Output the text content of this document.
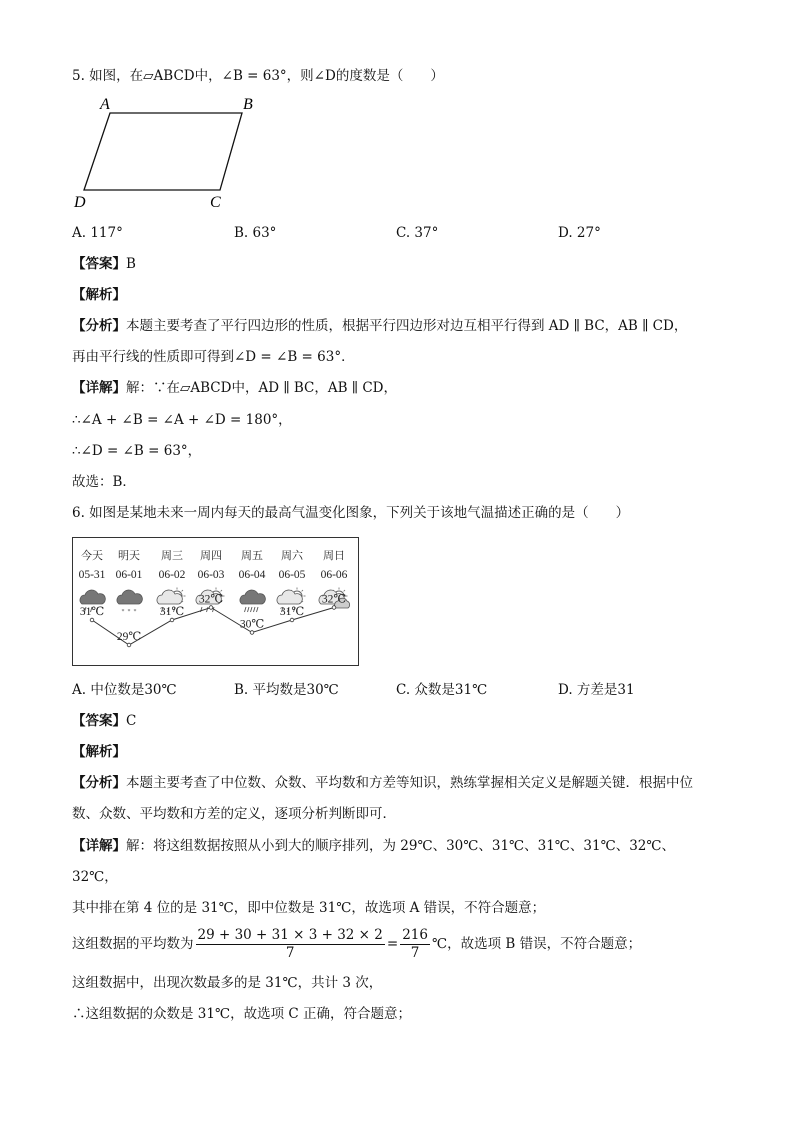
5. 如图，在▱ABCD中，∠B = 63°，则∠D的度数是（　　）
A	B
C
D
A. 117°	B. 63°	C. 37°	D. 27°
【答案】B
【解析】
【分析】本题主要考查了平行四边形的性质，根据平行四边形对边互相平行得到 AD ∥ BC，AB ∥ CD，
再由平行线的性质即可得到∠D = ∠B = 63°．
【详解】解：∵在▱ABCD中，AD ∥ BC，AB ∥ CD，
∴∠A + ∠B = ∠A + ∠D = 180°，
∴∠D = ∠B = 63°，
故选：B．
6. 如图是某地未来一周内每天的最高气温变化图象，下列关于该地气温描述正确的是（　　）
今天
05-31
明天
06-01
周三
06-02
周四
06-03
周五
06-04
周六
06-05
周日
06-06
* * *
31℃
29℃
31℃
32℃
30℃
31℃
32℃
A. 中位数是30℃	B. 平均数是30℃	C. 众数是31℃	D. 方差是31
【答案】C
【解析】
【分析】本题主要考查了中位数、众数、平均数和方差等知识，熟练掌握相关定义是解题关键．根据中位
数、众数、平均数和方差的定义，逐项分析判断即可．
【详解】解：将这组数据按照从小到大的顺序排列，为 29℃、30℃、31℃、31℃、31℃、32℃、
32℃，
其中排在第 4 位的是 31℃，即中位数是 31℃，故选项 A 错误，不符合题意；
这组数据的平均数为 $\frac{29 + 30 + 31 \times 3 + 32 \times 2}{7} = \frac{216}{7}$ ℃，故选项 B 错误，不符合题意；
这组数据中，出现次数最多的是 31℃，共计 3 次，
∴这组数据的众数是 31℃，故选项 C 正确，符合题意；
